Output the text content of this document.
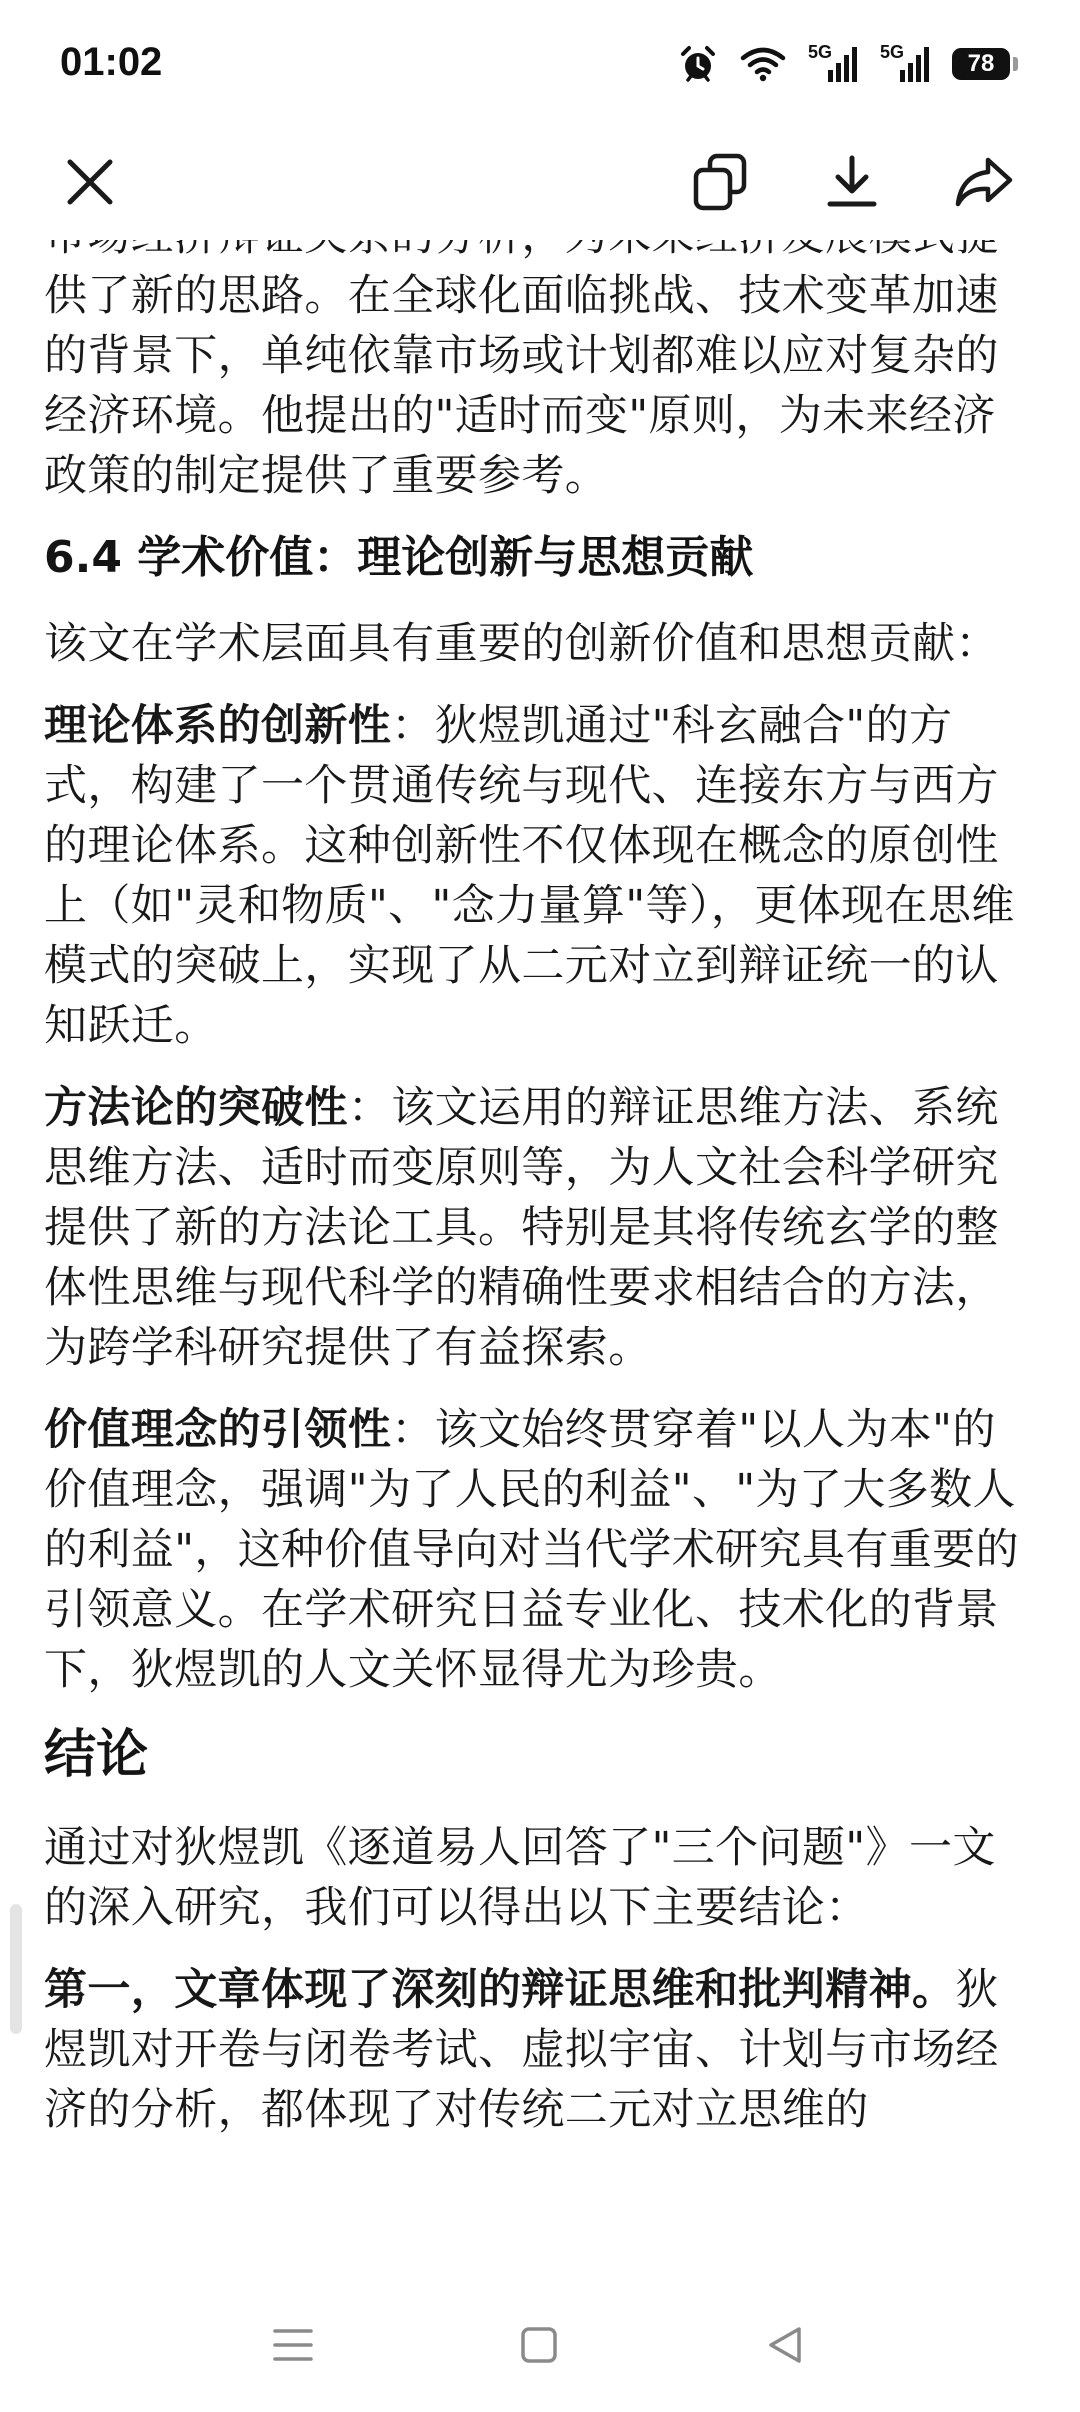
01:02	5G	5G	78

供了新的思路。在全球化面临挑战、技术变革加速的背景下，单纯依靠市场或计划都难以应对复杂的经济环境。他提出的"适时而变"原则，为未来经济政策的制定提供了重要参考。

6.4 学术价值：理论创新与思想贡献

该文在学术层面具有重要的创新价值和思想贡献：

理论体系的创新性：狄煜凯通过"科玄融合"的方式，构建了一个贯通传统与现代、连接东方与西方的理论体系。这种创新性不仅体现在概念的原创性上（如"灵和物质"、"念力量算"等），更体现在思维模式的突破上，实现了从二元对立到辩证统一的认知跃迁。

方法论的突破性：该文运用的辩证思维方法、系统思维方法、适时而变原则等，为人文社会科学研究提供了新的方法论工具。特别是其将传统玄学的整体性思维与现代科学的精确性要求相结合的方法，为跨学科研究提供了有益探索。

价值理念的引领性：该文始终贯穿着"以人为本"的价值理念，强调"为了人民的利益"、"为了大多数人的利益"，这种价值导向对当代学术研究具有重要的引领意义。在学术研究日益专业化、技术化的背景下，狄煜凯的人文关怀显得尤为珍贵。

结论

通过对狄煜凯《逐道易人回答了"三个问题"》一文的深入研究，我们可以得出以下主要结论：

第一，文章体现了深刻的辩证思维和批判精神。狄煜凯对开卷与闭卷考试、虚拟宇宙、计划与市场经济的分析，都体现了对传统二元对立思维的
